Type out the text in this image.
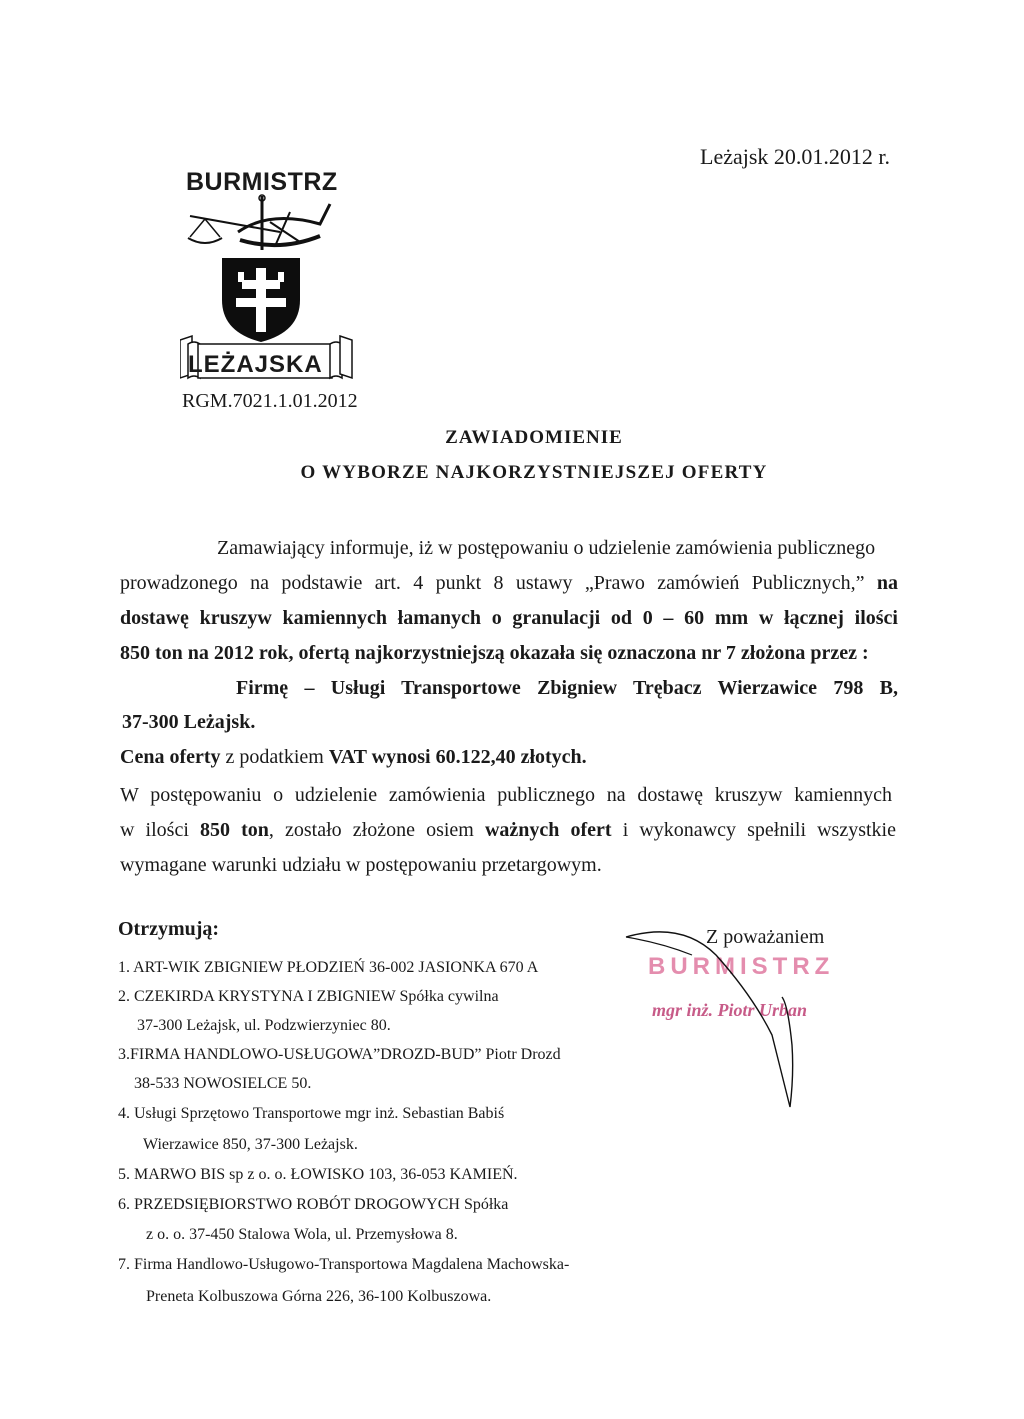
Leżajsk 20.01.2012 r.
BURMISTRZ
LEŻAJSKA
RGM.7021.1.01.2012
ZAWIADOMIENIE
O WYBORZE NAJKORZYSTNIEJSZEJ OFERTY
Zamawiający informuje, iż w postępowaniu o udzielenie zamówienia publicznego
prowadzonego na podstawie art. 4 punkt 8 ustawy „Prawo zamówień Publicznych,” na
dostawę kruszyw kamiennych łamanych o granulacji od 0 – 60 mm w łącznej ilości
850 ton na 2012 rok, ofertą najkorzystniejszą okazała się oznaczona nr 7 złożona przez :
Firmę – Usługi Transportowe Zbigniew Trębacz Wierzawice 798 B,
37-300 Leżajsk.
Cena oferty z podatkiem VAT wynosi 60.122,40 złotych.
W postępowaniu o udzielenie zamówienia publicznego na dostawę kruszyw kamiennych
w ilości 850 ton, zostało złożone osiem ważnych ofert i wykonawcy spełnili wszystkie
wymagane warunki udziału w postępowaniu przetargowym.
Otrzymują:
1. ART-WIK ZBIGNIEW PŁODZIEŃ 36-002 JASIONKA 670 A
2. CZEKIRDA KRYSTYNA I ZBIGNIEW Spółka cywilna
37-300 Leżajsk, ul. Podzwierzyniec 80.
3.FIRMA HANDLOWO-USŁUGOWA”DROZD-BUD” Piotr Drozd
38-533 NOWOSIELCE 50.
4. Usługi Sprzętowo Transportowe mgr inż. Sebastian Babiś
Wierzawice 850, 37-300 Leżajsk.
5. MARWO BIS sp z o. o. ŁOWISKO 103, 36-053 KAMIEŃ.
6. PRZEDSIĘBIORSTWO ROBÓT DROGOWYCH Spółka
z o. o. 37-450 Stalowa Wola, ul. Przemysłowa 8.
7. Firma Handlowo-Usługowo-Transportowa Magdalena Machowska-
Preneta Kolbuszowa Górna 226, 36-100 Kolbuszowa.
Z poważaniem
BURMISTRZ
mgr inż. Piotr Urban
